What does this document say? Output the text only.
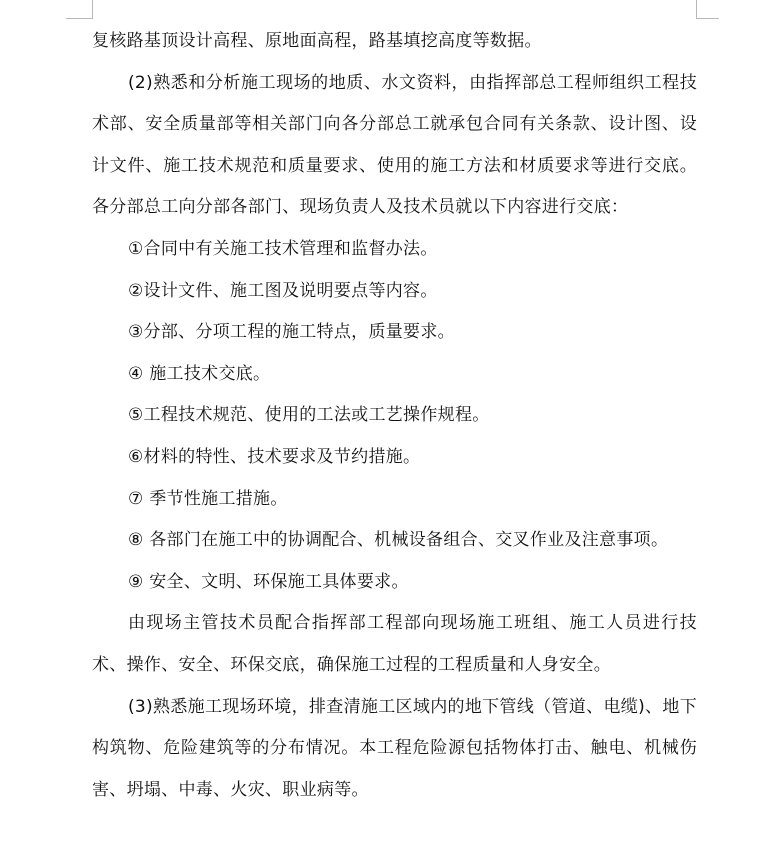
复核路基顶设计高程、原地面高程，路基填挖高度等数据。

(2)熟悉和分析施工现场的地质、水文资料，由指挥部总工程师组织工程技术部、安全质量部等相关部门向各分部总工就承包合同有关条款、设计图、设计文件、施工技术规范和质量要求、使用的施工方法和材质要求等进行交底。各分部总工向分部各部门、现场负责人及技术员就以下内容进行交底：

①合同中有关施工技术管理和监督办法。

②设计文件、施工图及说明要点等内容。

③分部、分项工程的施工特点，质量要求。

④ 施工技术交底。

⑤工程技术规范、使用的工法或工艺操作规程。

⑥材料的特性、技术要求及节约措施。

⑦ 季节性施工措施。

⑧ 各部门在施工中的协调配合、机械设备组合、交叉作业及注意事项。

⑨ 安全、文明、环保施工具体要求。

由现场主管技术员配合指挥部工程部向现场施工班组、施工人员进行技术、操作、安全、环保交底，确保施工过程的工程质量和人身安全。

(3)熟悉施工现场环境，排查清施工区域内的地下管线（管道、电缆)、地下构筑物、危险建筑等的分布情况。本工程危险源包括物体打击、触电、机械伤害、坍塌、中毒、火灾、职业病等。
